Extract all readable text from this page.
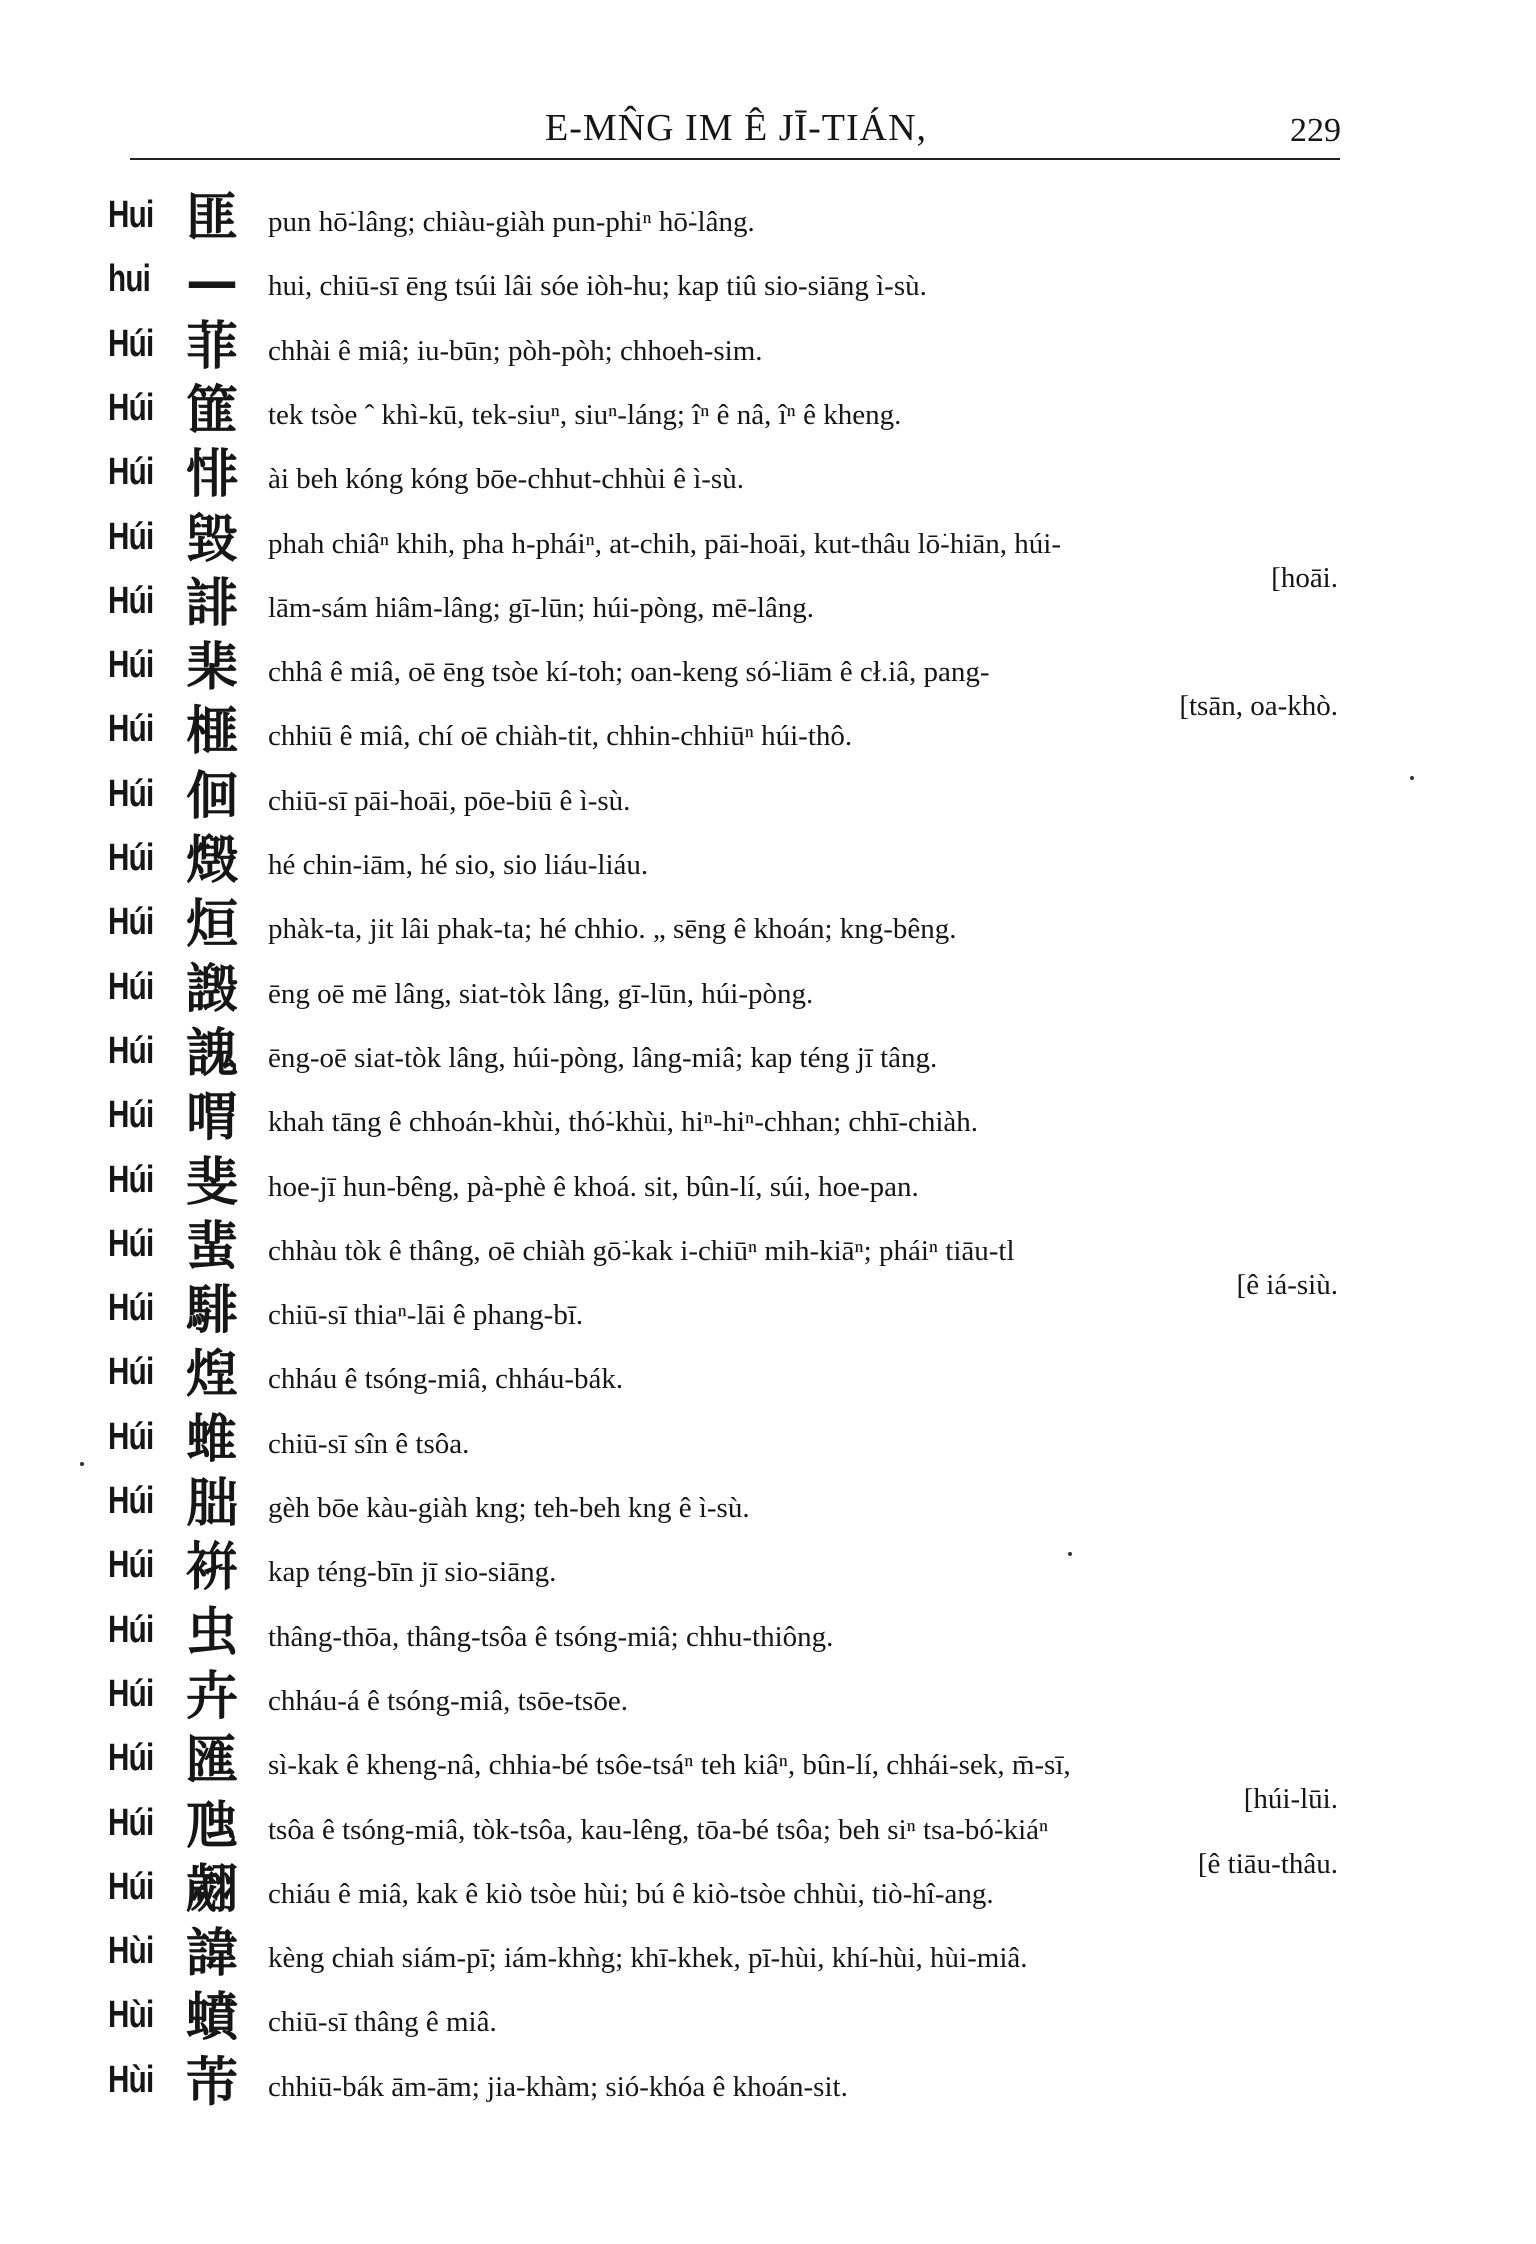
E-MN̂G IM Ê JĪ-TIÁN,	229
Hui 匪 pun hō͘-lâng; chiàu-giàh pun-phiⁿ hō͘-lâng.
hui — hui, chiū-sī ēng tsúi lâi sóe iòh-hu; kap tiû sio-siāng ì-sù.
Húi 菲 chhài ê miâ; iu-būn; pòh-pòh; chhoeh-sim.
Húi 篚 tek tsòe ˆ khì-kū, tek-siuⁿ, siuⁿ-láng; îⁿ ê nâ, îⁿ ê kheng.
Húi 悱 ài beh kóng kóng bōe-chhut-chhùi ê ì-sù.
Húi 毀 phah chiâⁿ khih, pha h-pháiⁿ, at-chih, pāi-hoāi, kut-thâu lō͘-hiān, húi-
[hoāi.
Húi 誹 lām-sám hiâm-lâng; gī-lūn; húi-pòng, mē-lâng.
Húi 棐 chhâ ê miâ, oē ēng tsòe kí-toh; oan-keng só͘-liām ê cł.iâ, pang-
[tsān, oa-khò.
Húi 榧 chhiū ê miâ, chí oē chiàh-tit, chhin-chhiūⁿ húi-thô.
Húi 佪 chiū-sī pāi-hoāi, pōe-biū ê ì-sù.
Húi 燬 hé chin-iām, hé sio, sio liáu-liáu.
Húi 烜 phàk-ta, jit lâi phak-ta; hé chhio. „ sēng ê khoán; kng-bêng.
Húi 譭 ēng oē mē lâng, siat-tòk lâng, gī-lūn, húi-pòng.
Húi 謉 ēng-oē siat-tòk lâng, húi-pòng, lâng-miâ; kap téng jī tâng.
Húi 喟 khah tāng ê chhoán-khùi, thó͘-khùi, hiⁿ-hiⁿ-chhan; chhī-chiàh.
Húi 斐 hoe-jī hun-bêng, pà-phè ê khoá. sit, bûn-lí, súi, hoe-pan.
Húi 蜚 chhàu tòk ê thâng, oē chiàh gō͘-kak i-chiūⁿ mih-kiāⁿ; pháiⁿ tiāu-tl
[ê iá-siù.
Húi 騑 chiū-sī thiaⁿ-lāi ê phang-bī.
Húi 㷐 chháu ê tsóng-miâ, chháu-bák.
Húi 蜼 chiū-sī sîn ê tsôa.
Húi 朏 gèh bōe kàu-giàh kng; teh-beh kng ê ì-sù.
Húi 𧚭 kap téng-bīn jī sio-siāng.
Húi 虫 thâng-thōa, thâng-tsôa ê tsóng-miâ; chhu-thiông.
Húi 卉 chháu-á ê tsóng-miâ, tsōe-tsōe.
Húi 匯 sì-kak ê kheng-nâ, chhia-bé tsôe-tsáⁿ teh kiâⁿ, bûn-lí, chhái-sek, m̄-sī,
[húi-lūi.
Húi 虺 tsôa ê tsóng-miâ, tòk-tsôa, kau-lêng, tōa-bé tsôa; beh siⁿ tsa-bó͘-kiáⁿ
[ê tiāu-thâu.
Húi 翽 chiáu ê miâ, kak ê kiò tsòe hùi; bú ê kiò-tsòe chhùi, tiò-hî-ang.
Hùi 諱 kèng chiah siám-pī; iám-khǹg; khī-khek, pī-hùi, khí-hùi, hùi-miâ.
Hùi 蟦 chiū-sī thâng ê miâ.
Hùi 芾 chhiū-bák ām-ām; jia-khàm; sió-khóa ê khoán-sit.
